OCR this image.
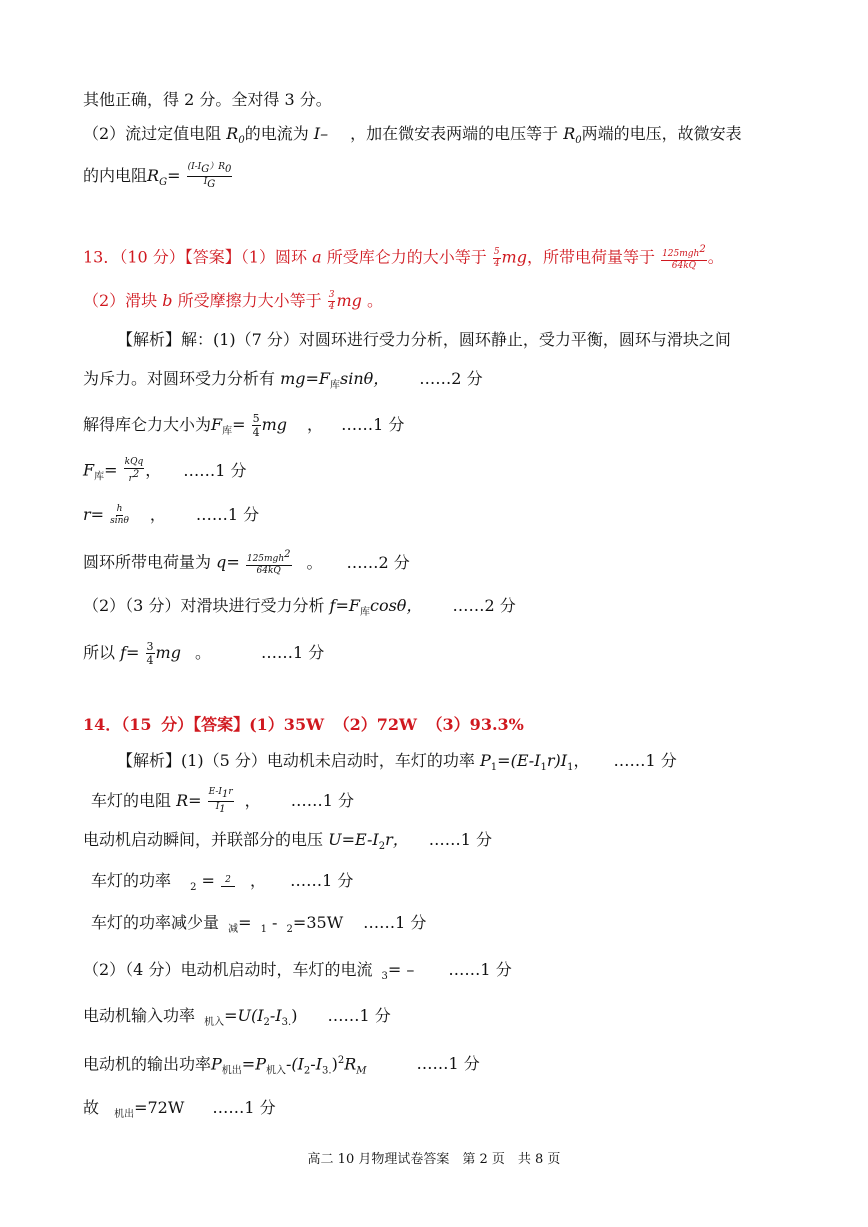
其他正确，得 2 分。全对得 3 分。
（2）流过定值电阻 $R_0$的电流为 I– ，加在微安表两端的电压等于 $R_0$两端的电压，故微安表
的内电阻$R_G= \frac{(I-I_G)R_0}{I_G}$
13．（10 分）【答案】（1）圆环 a 所受库仑力的大小等于 $\frac{5}{4}$ mg，所带电荷量等于 $\frac{125mgh^2}{64kQ}$ 。
（2）滑块 b 所受摩擦力大小等于 $\frac{3}{4}$ mg 。
【解析】解：(1)（7 分）对圆环进行受力分析，圆环静止，受力平衡，圆环与滑块之间
为斥力。对圆环受力分析有 $mg=F_库\sin\theta$， ……2 分
解得库仑力大小为$F_库= \frac{5}{4}$ mg ， ……1 分
$F_库= \frac{\text{kQq}}{r^2}$ ， ……1 分
$r= \frac{h}{\sin\theta}$ ， ……1 分
圆环所带电荷量为 $q= \frac{125mgh^2}{64kQ}$ 。 ……2 分
（2）（3 分）对滑块进行受力分析 $f=F_库\cos\theta$， ……2 分
所以 $f= \frac{3}{4}$ mg 。	……1 分
14．（15 分）【答案】(1）35W （2）72W （3）93.3%
【解析】(1)（5 分）电动机未启动时，车灯的功率 $P_1=(E-I_1r)I_1$， ……1 分
车灯的电阻 $R= \frac{E-I_1r}{I_1}$ ， ……1 分
电动机启动瞬间，并联部分的电压 $U=E-I_2r$， ……1 分
车灯的功率 $_2$ = 2 ， ……1 分
车灯的功率减少量 $_减$= $_1$ - $_2$=35W ……1 分
（2）（4 分）电动机启动时，车灯的电流 $_3$= – ……1 分
电动机输入功率 $_{机入}=U(I_2-I_{3.})$ ……1 分
电动机的输出功率$P_{机出}=P_{机入}-(I_2-I_{3.})^2R_M$	……1 分
故 $_{机出}$=72W ……1 分
高二 10 月物理试卷答案　第 2 页　共 8 页
